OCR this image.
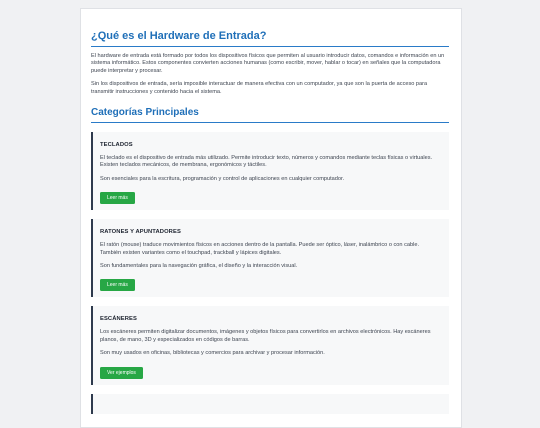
¿Qué es el Hardware de Entrada?

El hardware de entrada está formado por todos los dispositivos físicos que permiten al usuario introducir datos, comandos e información en un sistema informático. Estos componentes convierten acciones humanas (como escribir, mover, hablar o tocar) en señales que la computadora puede interpretar y procesar.

Sin los dispositivos de entrada, sería imposible interactuar de manera efectiva con un computador, ya que son la puerta de acceso para transmitir instrucciones y contenido hacia el sistema.

Categorías Principales
TECLADOS

El teclado es el dispositivo de entrada más utilizado. Permite introducir texto, números y comandos mediante teclas físicas o virtuales. Existen teclados mecánicos, de membrana, ergonómicos y táctiles.

Son esenciales para la escritura, programación y control de aplicaciones en cualquier computador.

Leer más
RATONES Y APUNTADORES

El ratón (mouse) traduce movimientos físicos en acciones dentro de la pantalla. Puede ser óptico, láser, inalámbrico o con cable. También existen variantes como el touchpad, trackball y lápices digitales.

Son fundamentales para la navegación gráfica, el diseño y la interacción visual.

Leer más
ESCÁNERES

Los escáneres permiten digitalizar documentos, imágenes y objetos físicos para convertirlos en archivos electrónicos. Hay escáneres planos, de mano, 3D y especializados en códigos de barras.

Son muy usados en oficinas, bibliotecas y comercios para archivar y procesar información.

Ver ejemplos
